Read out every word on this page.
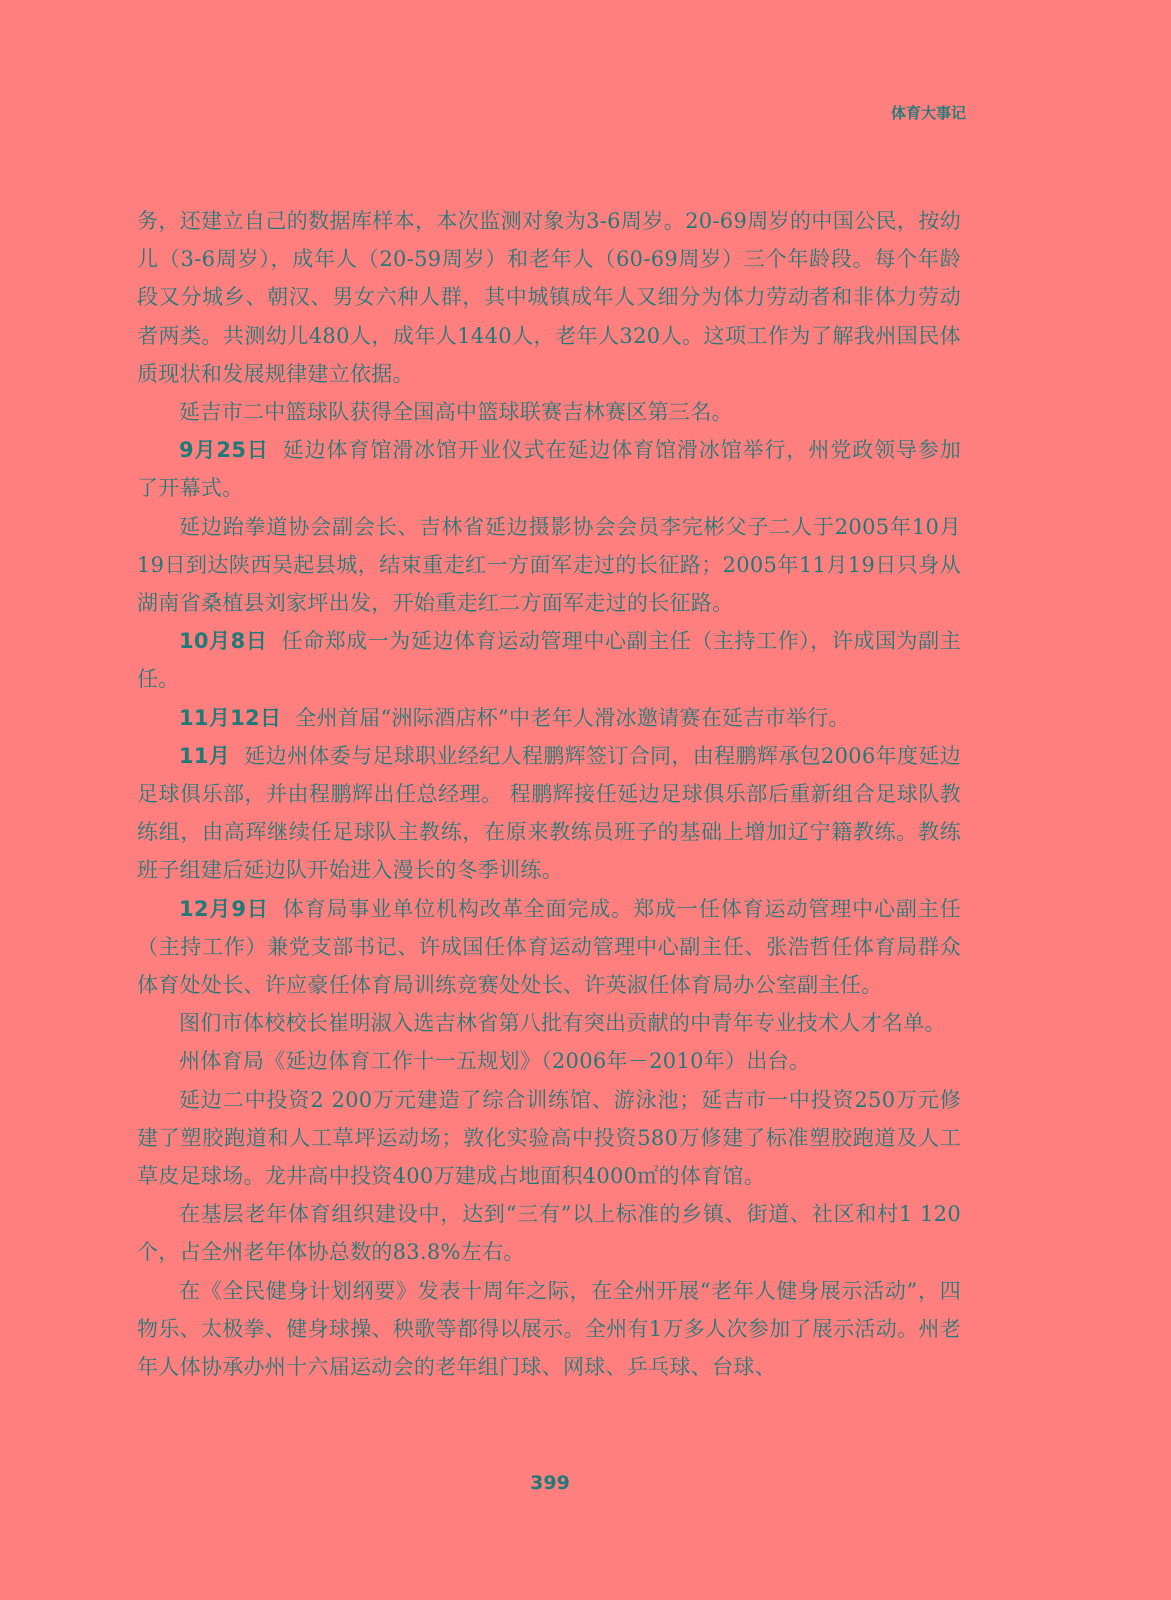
体育大事记

务，还建立自己的数据库样本，本次监测对象为3-6周岁。20-69周岁的中国公民，按幼儿（3-6周岁），成年人（20-59周岁）和老年人（60-69周岁）三个年龄段。每个年龄段又分城乡、朝汉、男女六种人群，其中城镇成年人又细分为体力劳动者和非体力劳动者两类。共测幼儿480人，成年人1440人，老年人320人。这项工作为了解我州国民体质现状和发展规律建立依据。

延吉市二中篮球队获得全国高中篮球联赛吉林赛区第三名。

9月25日 延边体育馆滑冰馆开业仪式在延边体育馆滑冰馆举行，州党政领导参加了开幕式。

延边跆拳道协会副会长、吉林省延边摄影协会会员李完彬父子二人于2005年10月19日到达陕西吴起县城，结束重走红一方面军走过的长征路；2005年11月19日只身从湖南省桑植县刘家坪出发，开始重走红二方面军走过的长征路。

10月8日 任命郑成一为延边体育运动管理中心副主任（主持工作），许成国为副主任。

11月12日 全州首届“洲际酒店杯”中老年人滑冰邀请赛在延吉市举行。

11月 延边州体委与足球职业经纪人程鹏辉签订合同，由程鹏辉承包2006年度延边足球俱乐部，并由程鹏辉出任总经理。 程鹏辉接任延边足球俱乐部后重新组合足球队教练组，由高珲继续任足球队主教练，在原来教练员班子的基础上增加辽宁籍教练。教练班子组建后延边队开始进入漫长的冬季训练。

12月9日 体育局事业单位机构改革全面完成。郑成一任体育运动管理中心副主任（主持工作）兼党支部书记、许成国任体育运动管理中心副主任、张浩哲任体育局群众体育处处长、许应豪任体育局训练竞赛处处长、许英淑任体育局办公室副主任。

图们市体校校长崔明淑入选吉林省第八批有突出贡献的中青年专业技术人才名单。

州体育局《延边体育工作十一五规划》（2006年－2010年）出台。

延边二中投资2 200万元建造了综合训练馆、游泳池；延吉市一中投资250万元修建了塑胶跑道和人工草坪运动场；敦化实验高中投资580万修建了标准塑胶跑道及人工草皮足球场。龙井高中投资400万建成占地面积4000㎡的体育馆。

在基层老年体育组织建设中，达到“三有”以上标准的乡镇、街道、社区和村1 120个，占全州老年体协总数的83.8%左右。

在《全民健身计划纲要》发表十周年之际，在全州开展“老年人健身展示活动”，四物乐、太极拳、健身球操、秧歌等都得以展示。全州有1万多人次参加了展示活动。州老年人体协承办州十六届运动会的老年组门球、网球、乒乓球、台球、

399
